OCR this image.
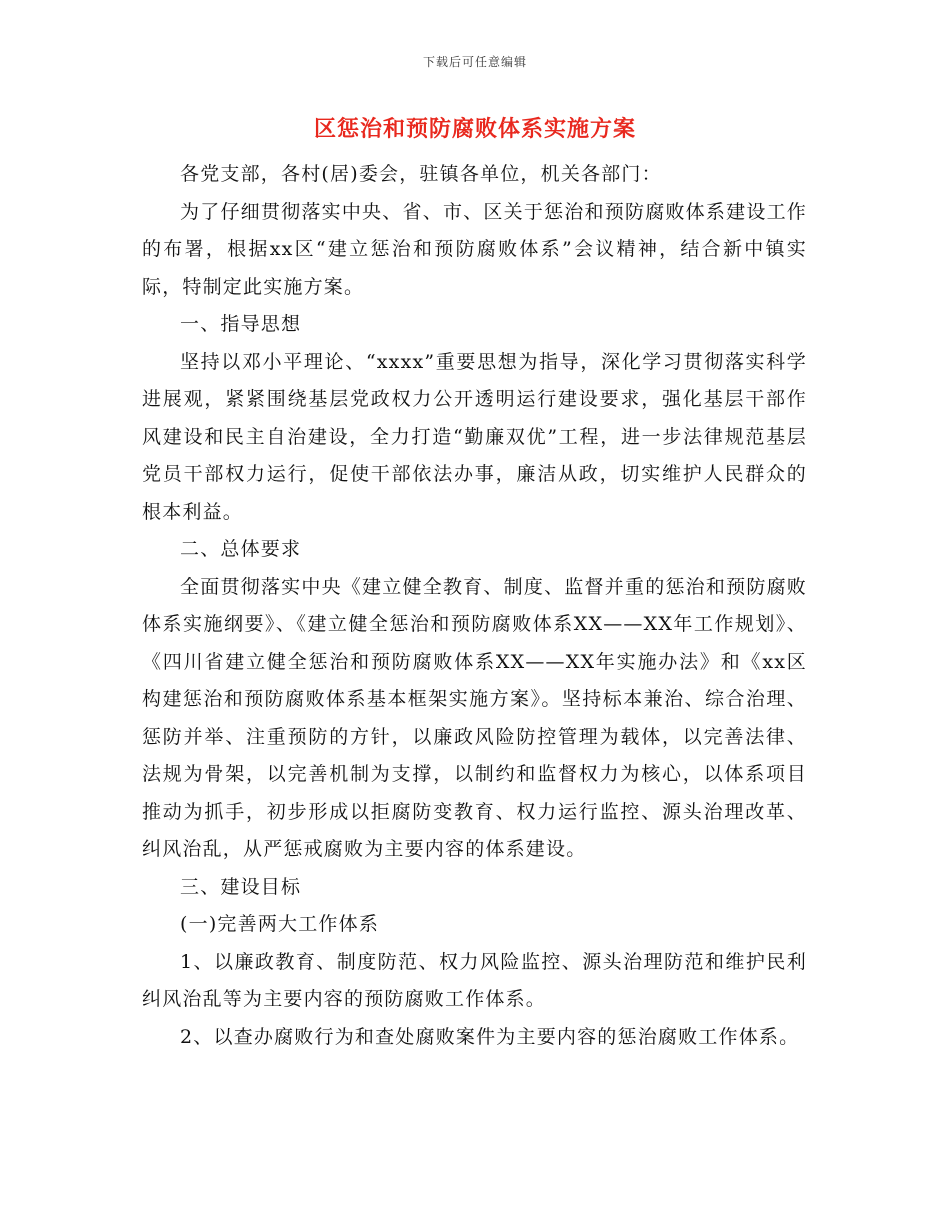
下载后可任意编辑
区惩治和预防腐败体系实施方案

各党支部，各村(居)委会，驻镇各单位，机关各部门：

为了仔细贯彻落实中央、省、市、区关于惩治和预防腐败体系建设工作的布署，根据xx区“建立惩治和预防腐败体系”会议精神，结合新中镇实际，特制定此实施方案。

一、指导思想

坚持以邓小平理论、“xxxx”重要思想为指导，深化学习贯彻落实科学进展观，紧紧围绕基层党政权力公开透明运行建设要求，强化基层干部作风建设和民主自治建设，全力打造“勤廉双优”工程，进一步法律规范基层党员干部权力运行，促使干部依法办事，廉洁从政，切实维护人民群众的根本利益。

二、总体要求

全面贯彻落实中央《建立健全教育、制度、监督并重的惩治和预防腐败体系实施纲要》、《建立健全惩治和预防腐败体系XX——XX年工作规划》、《四川省建立健全惩治和预防腐败体系XX——XX年实施办法》和《xx区构建惩治和预防腐败体系基本框架实施方案》。坚持标本兼治、综合治理、惩防并举、注重预防的方针，以廉政风险防控管理为载体，以完善法律、法规为骨架，以完善机制为支撑，以制约和监督权力为核心，以体系项目推动为抓手，初步形成以拒腐防变教育、权力运行监控、源头治理改革、纠风治乱，从严惩戒腐败为主要内容的体系建设。

三、建设目标

(一)完善两大工作体系

1、以廉政教育、制度防范、权力风险监控、源头治理防范和维护民利纠风治乱等为主要内容的预防腐败工作体系。

2、以查办腐败行为和查处腐败案件为主要内容的惩治腐败工作体系。
